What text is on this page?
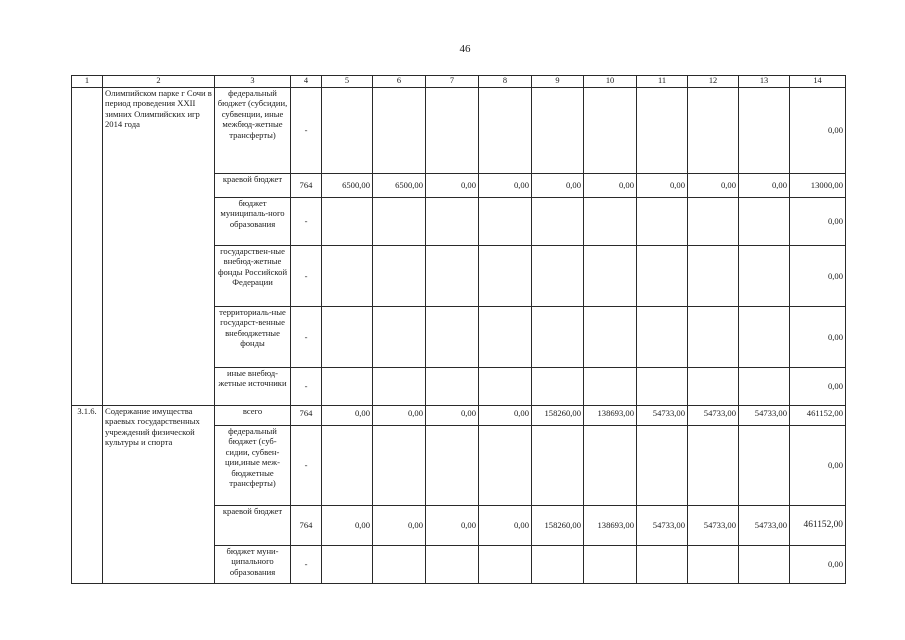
46
1	2	3	4	5	6	7	8	9	10	11	12	13	14
	Олимпийском парке г Сочи в период проведения XXII зимних Олимпийских игр 2014 года	федеральный бюджет (субсидии, субвенции, иные межбюд-жетные трансферты)	-										0,00
		краевой бюджет	764	6500,00	6500,00	0,00	0,00	0,00	0,00	0,00	0,00	0,00	13000,00
		бюджет муниципаль-ного образования	-										0,00
		государствен-ные внебюд-жетные фонды Российской Федерации	-										0,00
		территориаль-ные государст-венные внебюджетные фонды	-										0,00
		иные внебюд-жетные источники	-										0,00
3.1.6.	Содержание имущества краевых государственных учреждений физической культуры и спорта	всего	764	0,00	0,00	0,00	0,00	158260,00	138693,00	54733,00	54733,00	54733,00	461152,00
		федеральный бюджет (суб-сидии, субвен-ции,иные меж-бюджетные трансферты)	-										0,00
		краевой бюджет	764	0,00	0,00	0,00	0,00	158260,00	138693,00	54733,00	54733,00	54733,00	461152,00
		бюджет муни-ципального образования	-										0,00
